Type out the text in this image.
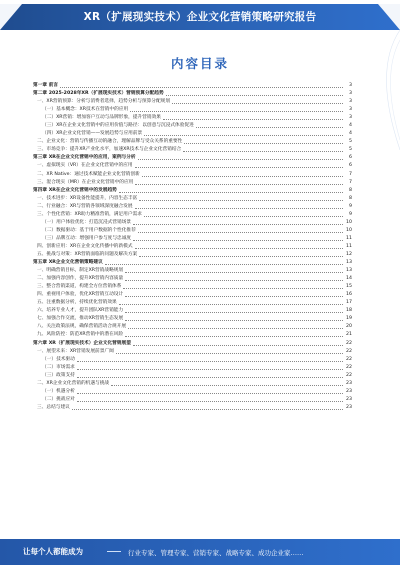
XR（扩展现实技术）企业文化营销策略研究报告
内容目录
第一章 前言	3
第二章 2025-2028年XR（扩展现实技术）营销预算分配趋势	3
一、XR营销预算：分析与消费者选择，趋势分析与预算分配规划	3
（一）基本概念：XR技术在营销中的应用	3
（二）XR营销：增加客户互动与品牌形象，提升营销效果	3
（三）XR在企业文化营销中的应用价值与路径：以创意与沉浸式体验促进	4
（四）XR企业文化营销——发展趋势与应用前景	4
二、企业文化：营销与传播互动的融合，理解品牌与受众关系的重要性	5
三、市场竞争：提升XR产业化水平，加速XR技术与企业文化营销结合	5
第三章 XR在企业文化营销中的应用，案例与分析	6
一、虚拟现实（VR）在企业文化营销中的应用	6
二、XR Native：通过技术赋能企业文化营销创新	7
三、混合现实（MR）在企业文化营销中的应用	7
第四章 XR在企业文化营销中的发展趋势	8
一、技术进步：XR设备性能提升，内容生态丰富	8
二、行业融合：XR与营销各领域深度融合发展	9
三、个性化营销：XR助力精准营销，满足用户需求	9
（一）用户体验优化：打造沉浸式营销场景	10
（二）数据驱动：基于用户数据的个性化推荐	10
（三）品牌互动：增强用户参与度与忠诚度	11
四、创新应用：XR在企业文化传播中的新模式	11
五、挑战与对策：XR营销面临的问题及解决方案	12
第五章 XR企业文化营销策略建议	13
一、明确营销目标，制定XR营销战略规划	13
二、加强内容创作，提升XR营销内容质量	14
三、整合营销渠道，构建全方位营销体系	15
四、重视用户体验，优化XR营销互动设计	16
五、注重数据分析，持续优化营销效果	17
六、培养专业人才，提升团队XR营销能力	18
七、加强合作交流，推动XR营销生态发展	19
八、关注政策法规，确保营销活动合规开展	20
九、风险防控：防范XR营销中的潜在风险	21
第六章 XR（扩展现实技术）企业文化营销展望	22
一、展望未来：XR营销发展前景广阔	22
（一）技术驱动	22
（二）市场需求	22
（三）政策支持	22
二、XR企业文化营销的机遇与挑战	23
（一）机遇分析	23
（二）挑战应对	23
三、总结与建议	23
让每个人都能成为	行业专家、管理专家、营销专家、战略专家、成功企业家……
